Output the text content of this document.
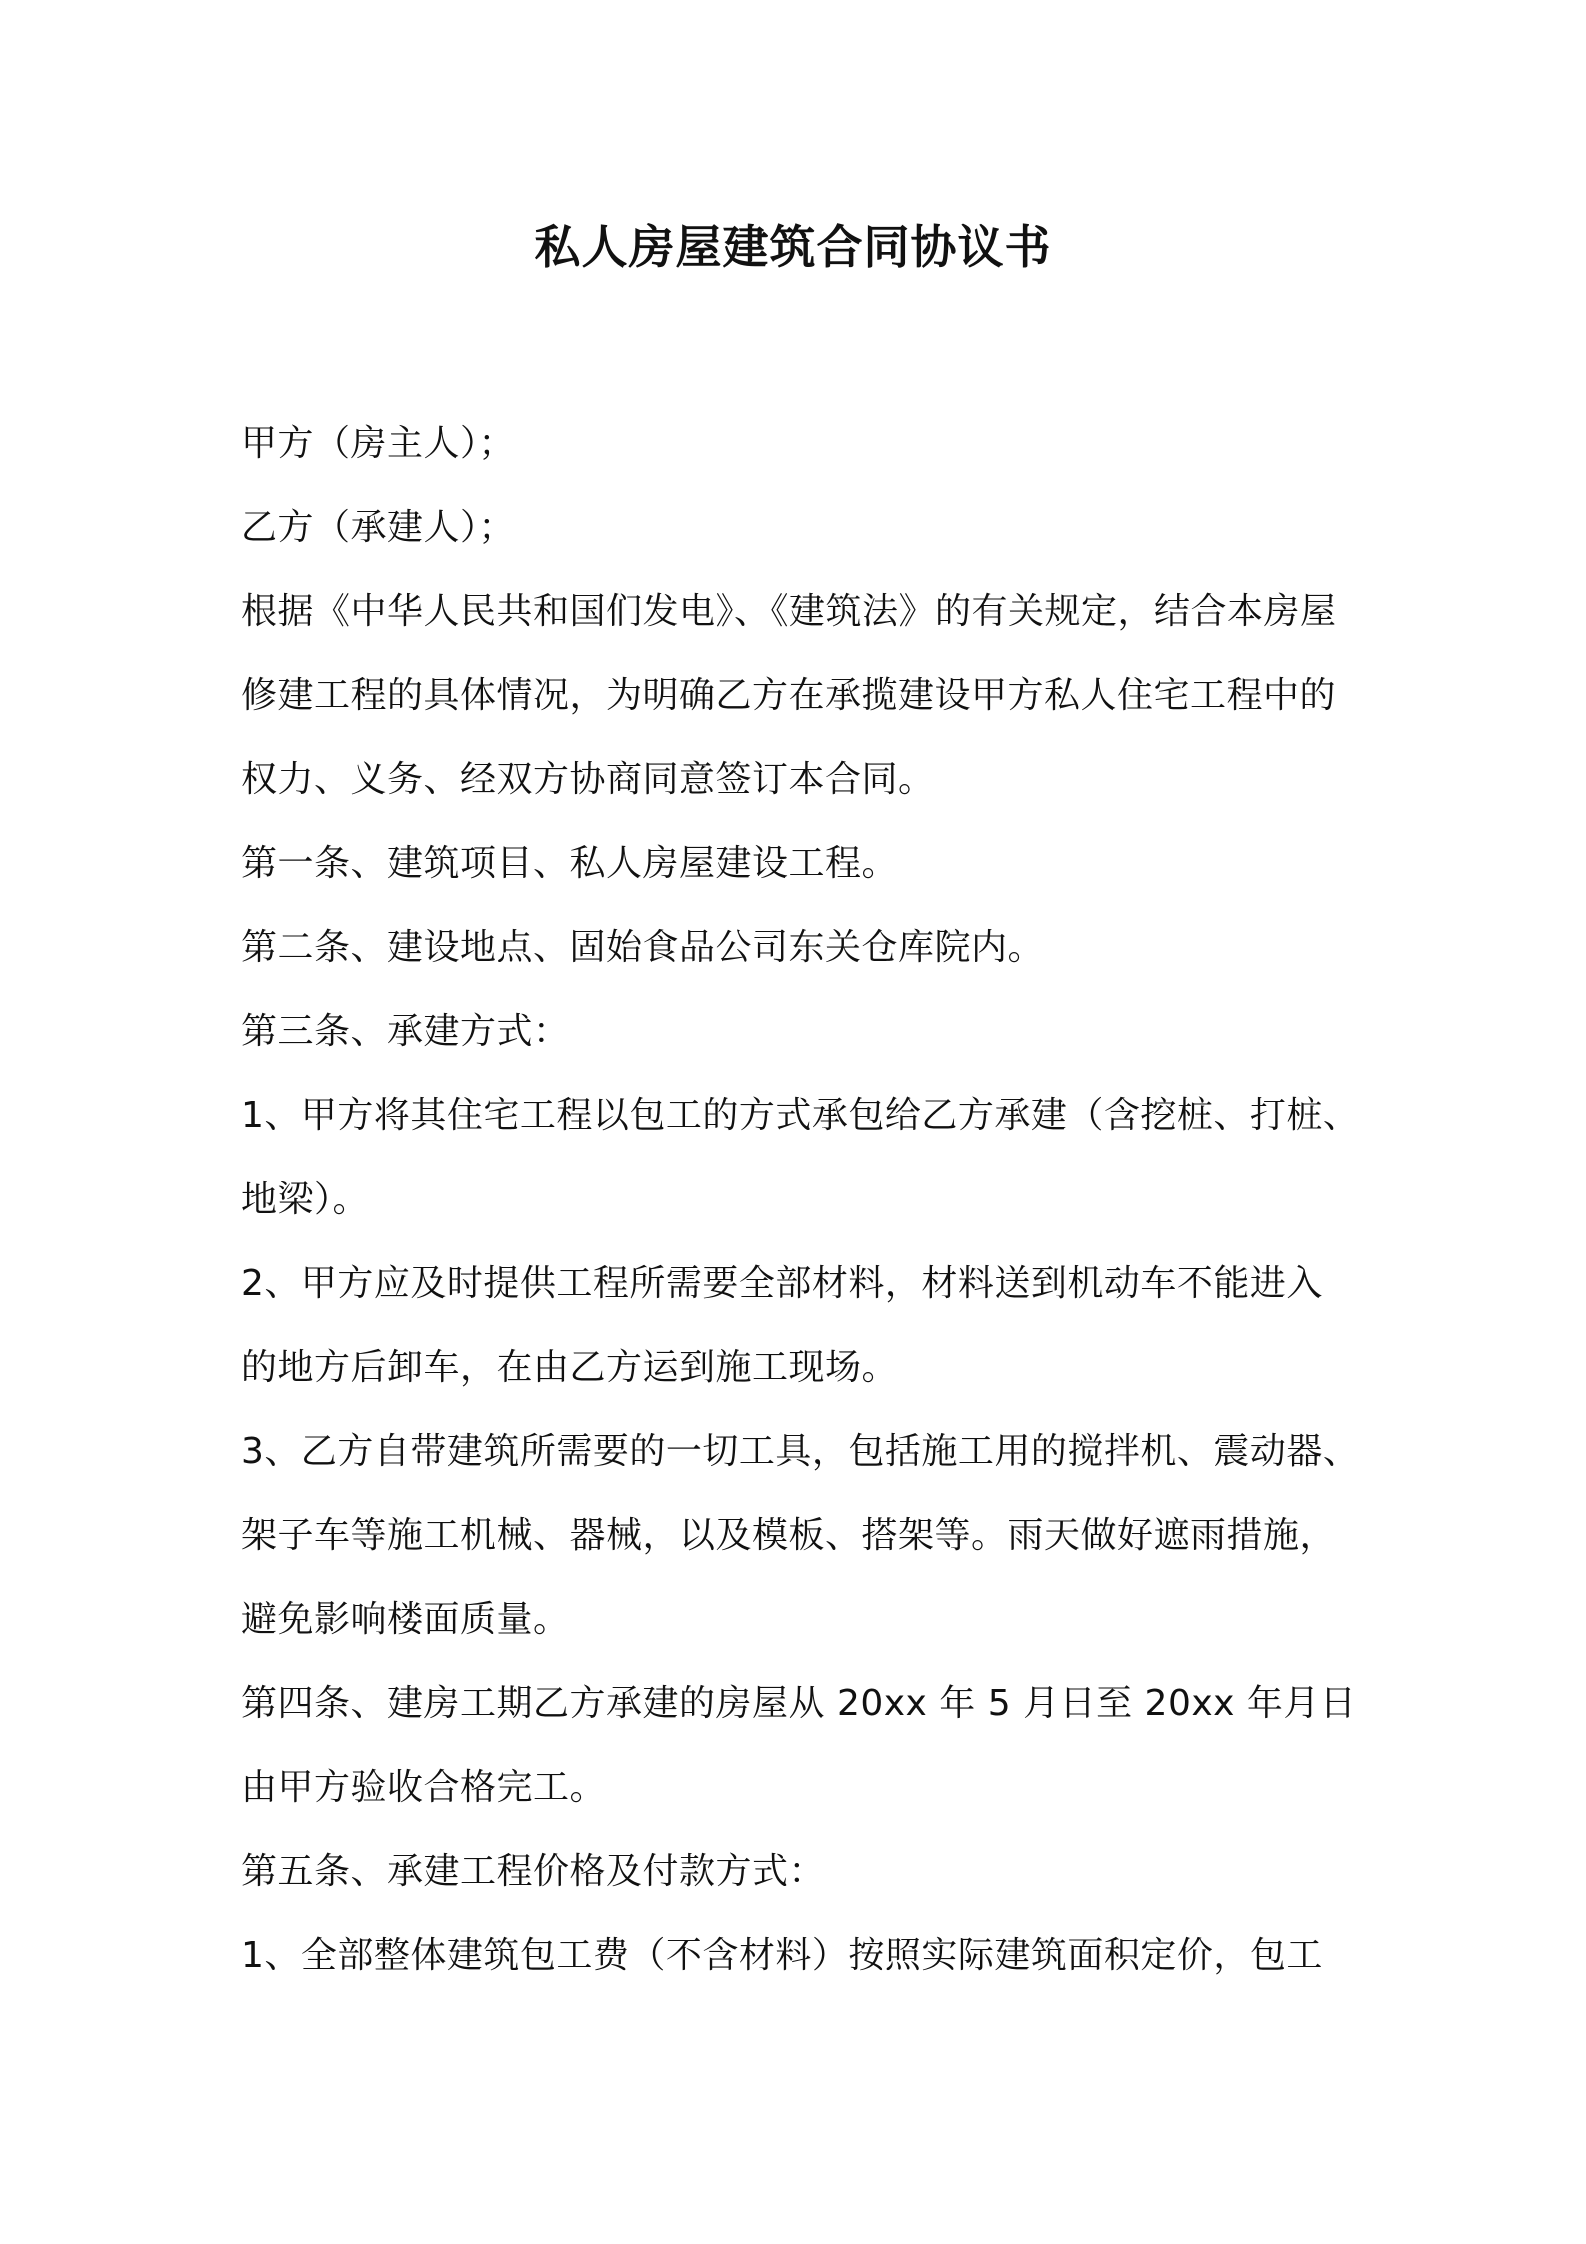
私人房屋建筑合同协议书
甲方（房主人）；
乙方（承建人）；
根据《中华人民共和国们发电》、《建筑法》的有关规定，结合本房屋
修建工程的具体情况，为明确乙方在承揽建设甲方私人住宅工程中的
权力、义务、经双方协商同意签订本合同。
第一条、建筑项目、私人房屋建设工程。
第二条、建设地点、固始食品公司东关仓库院内。
第三条、承建方式：
1、甲方将其住宅工程以包工的方式承包给乙方承建（含挖桩、打桩、
地梁）。
2、甲方应及时提供工程所需要全部材料，材料送到机动车不能进入
的地方后卸车，在由乙方运到施工现场。
3、乙方自带建筑所需要的一切工具，包括施工用的搅拌机、震动器、
架子车等施工机械、器械，以及模板、搭架等。雨天做好遮雨措施，
避免影响楼面质量。
第四条、建房工期乙方承建的房屋从 20xx 年 5 月日至 20xx 年月日
由甲方验收合格完工。
第五条、承建工程价格及付款方式：
1、全部整体建筑包工费（不含材料）按照实际建筑面积定价，包工
